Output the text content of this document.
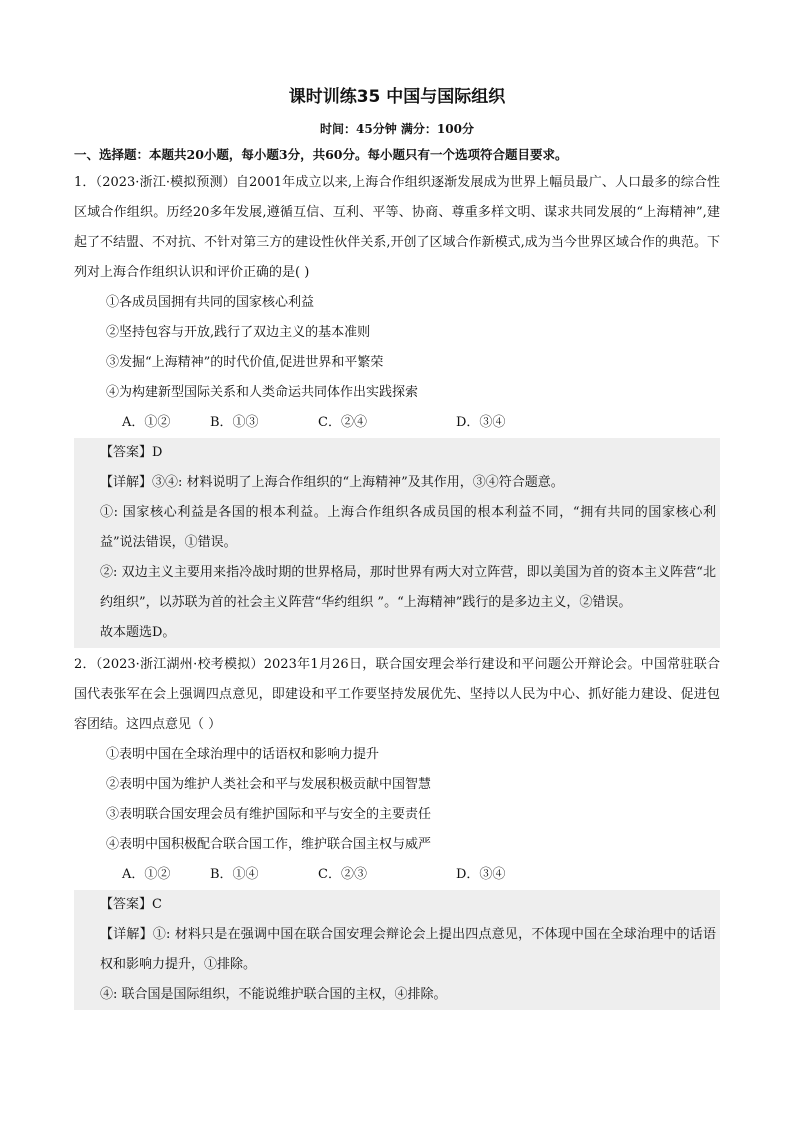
课时训练35 中国与国际组织
时间：45分钟 满分：100分
一、选择题：本题共20小题，每小题3分，共60分。每小题只有一个选项符合题目要求。

1．（2023·浙江·模拟预测）自2001年成立以来,上海合作组织逐渐发展成为世界上幅员最广、人口最多的综合性区域合作组织。历经20多年发展,遵循互信、互利、平等、协商、尊重多样文明、谋求共同发展的“上海精神”,建起了不结盟、不对抗、不针对第三方的建设性伙伴关系,开创了区域合作新模式,成为当今世界区域合作的典范。下列对上海合作组织认识和评价正确的是( )

①各成员国拥有共同的国家核心利益
②坚持包容与开放,践行了双边主义的基本准则
③发掘“上海精神”的时代价值,促进世界和平繁荣
④为构建新型国际关系和人类命运共同体作出实践探索
A．①②	B．①③	C．②④	D．③④

【答案】D

【详解】③④: 材料说明了上海合作组织的“上海精神”及其作用，③④符合题意。

①: 国家核心利益是各国的根本利益。上海合作组织各成员国的根本利益不同，“拥有共同的国家核心利益”说法错误，①错误。

②: 双边主义主要用来指冷战时期的世界格局，那时世界有两大对立阵营，即以美国为首的资本主义阵营“北约组织”，以苏联为首的社会主义阵营“华约组织 ”。“上海精神”践行的是多边主义，②错误。

故本题选D。

2．（2023·浙江湖州·校考模拟）2023年1月26日，联合国安理会举行建设和平问题公开辩论会。中国常驻联合国代表张军在会上强调四点意见，即建设和平工作要坚持发展优先、坚持以人民为中心、抓好能力建设、促进包容团结。这四点意见（ ）

①表明中国在全球治理中的话语权和影响力提升
②表明中国为维护人类社会和平与发展积极贡献中国智慧
③表明联合国安理会员有维护国际和平与安全的主要责任
④表明中国积极配合联合国工作，维护联合国主权与威严
A．①②	B．①④	C．②③	D．③④

【答案】C

【详解】①: 材料只是在强调中国在联合国安理会辩论会上提出四点意见，不体现中国在全球治理中的话语权和影响力提升，①排除。

④: 联合国是国际组织，不能说维护联合国的主权，④排除。
